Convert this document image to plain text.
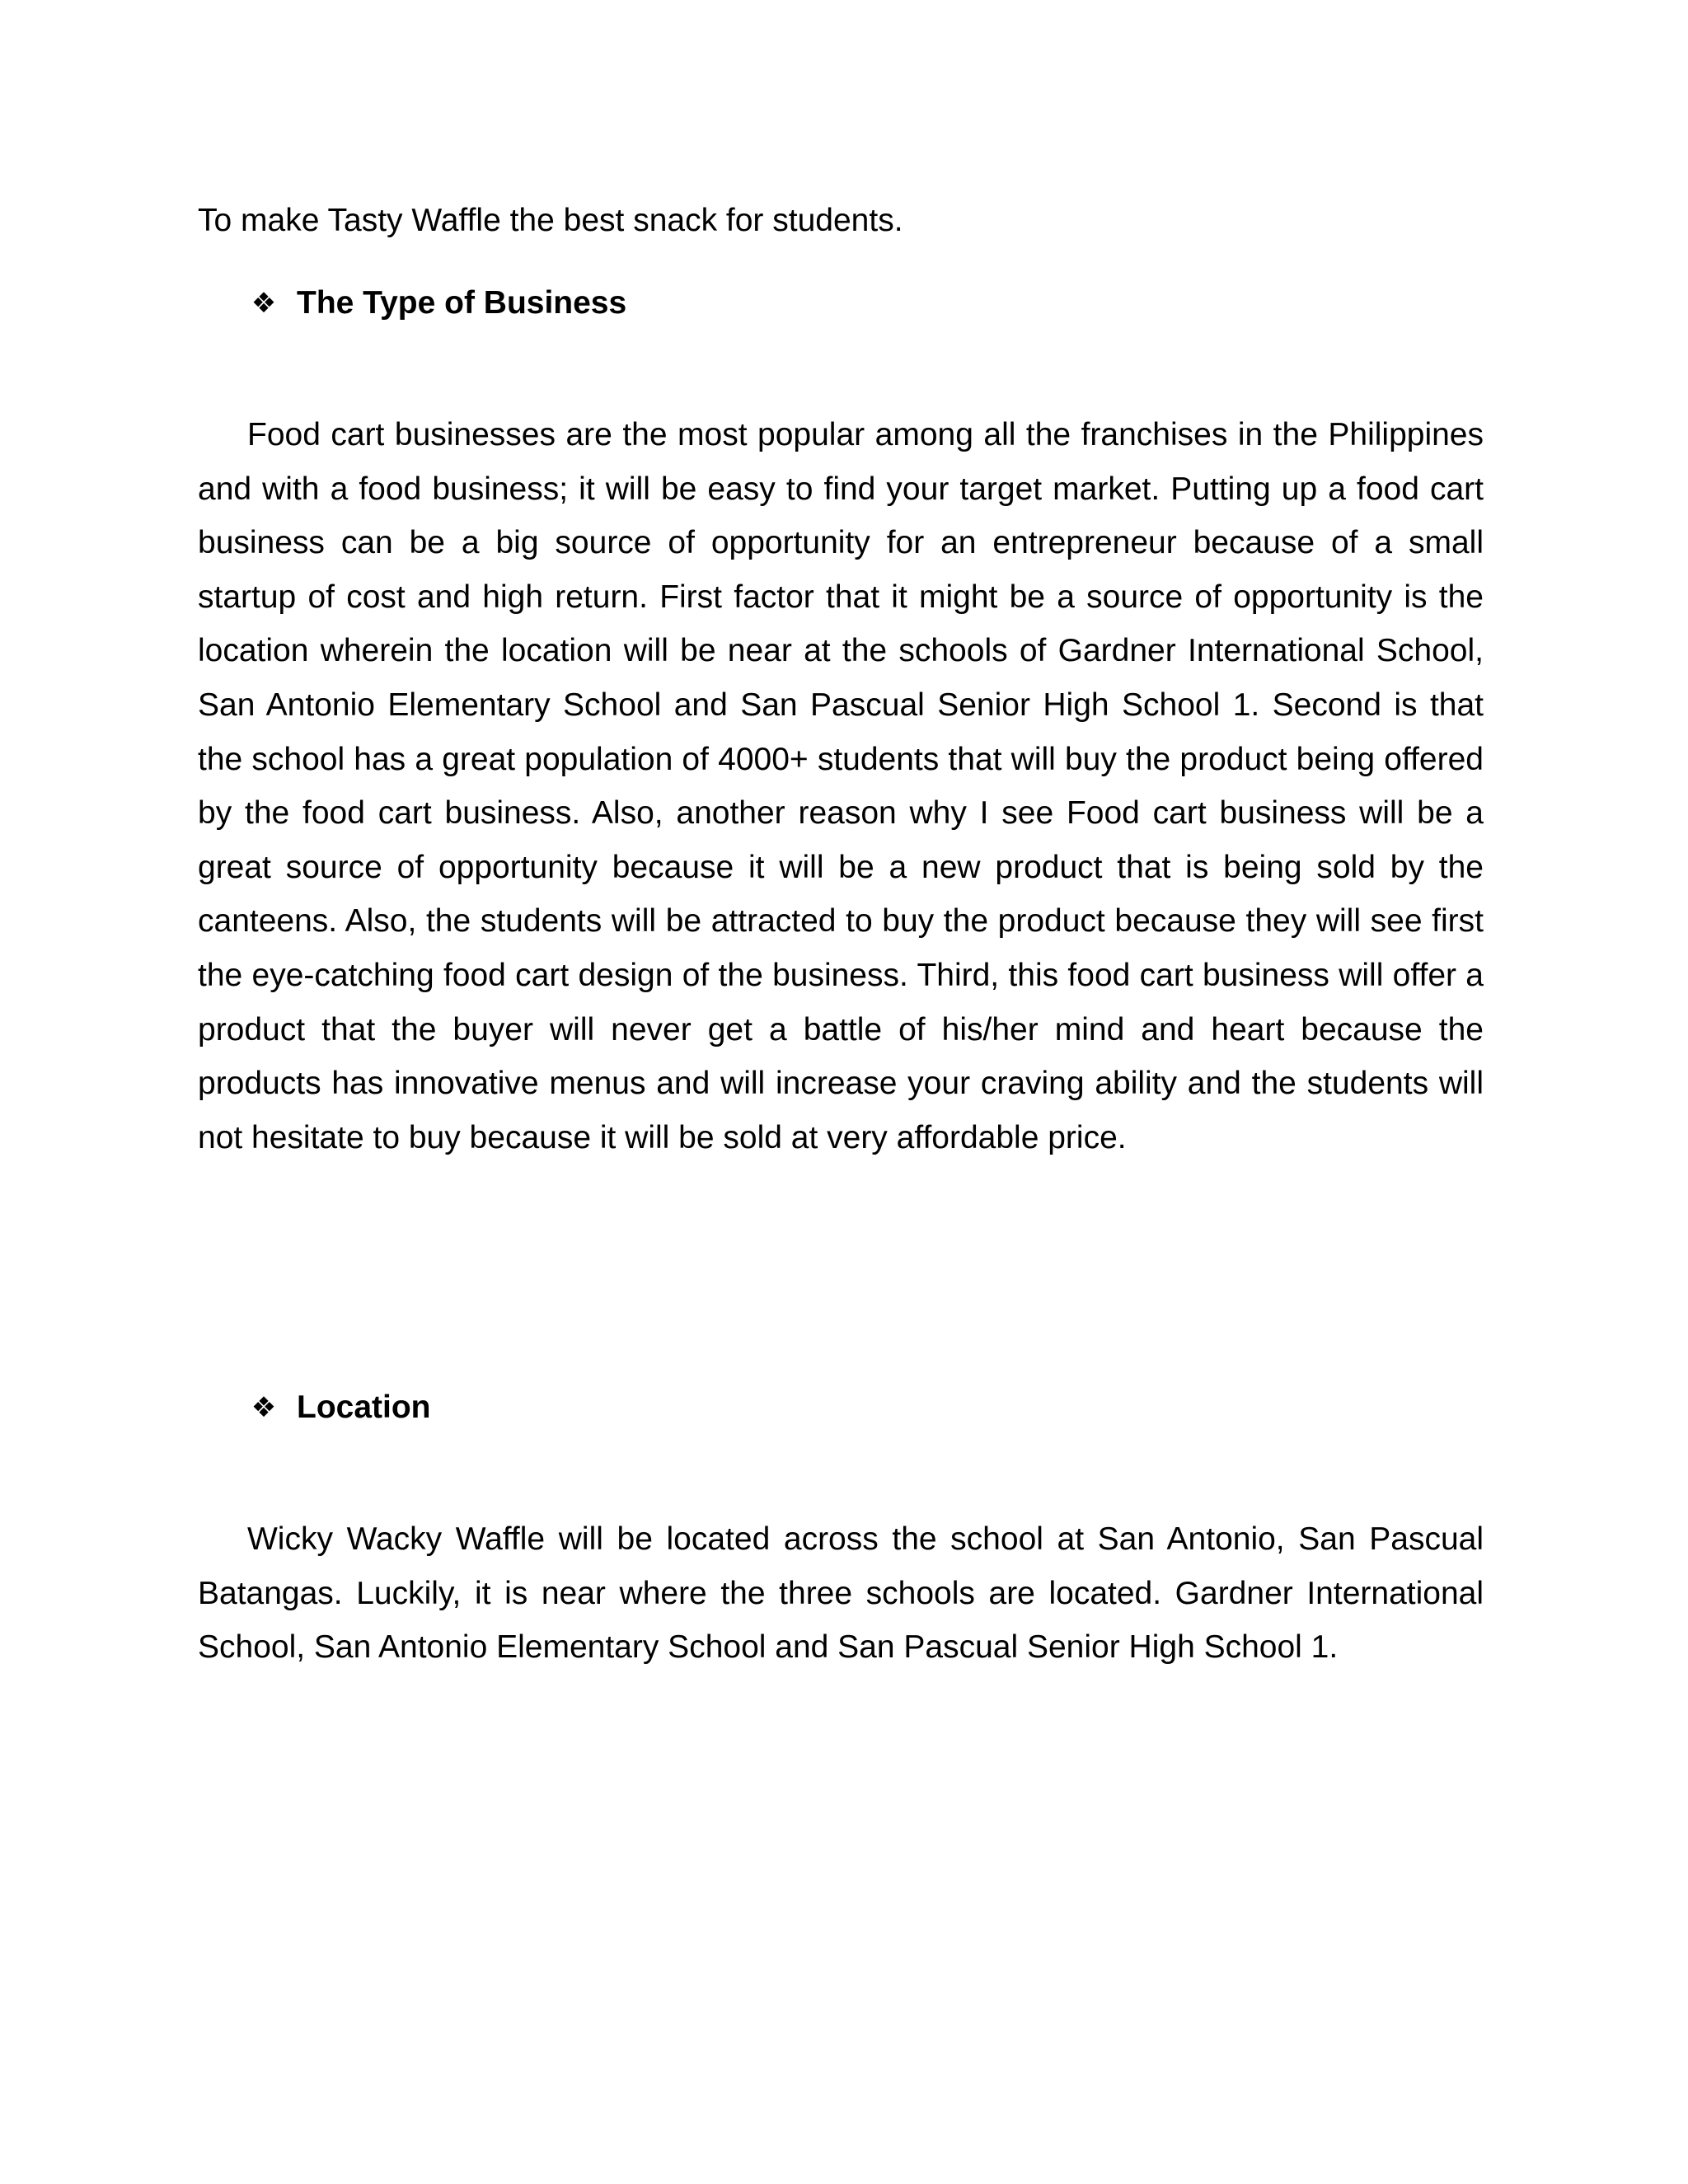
To make Tasty Waffle the best snack for students.
❖ The Type of Business

Food cart businesses are the most popular among all the franchises in the Philippines and with a food business; it will be easy to find your target market. Putting up a food cart business can be a big source of opportunity for an entrepreneur because of a small startup of cost and high return. First factor that it might be a source of opportunity is the location wherein the location will be near at the schools of Gardner International School, San Antonio Elementary School and San Pascual Senior High School 1. Second is that the school has a great population of 4000+ students that will buy the product being offered by the food cart business. Also, another reason why I see Food cart business will be a great source of opportunity because it will be a new product that is being sold by the canteens. Also, the students will be attracted to buy the product because they will see first the eye-catching food cart design of the business. Third, this food cart business will offer a product that the buyer will never get a battle of his/her mind and heart because the products has innovative menus and will increase your craving ability and the students will not hesitate to buy because it will be sold at very affordable price.

❖ Location

Wicky Wacky Waffle will be located across the school at San Antonio, San Pascual Batangas. Luckily, it is near where the three schools are located. Gardner International School, San Antonio Elementary School and San Pascual Senior High School 1.
